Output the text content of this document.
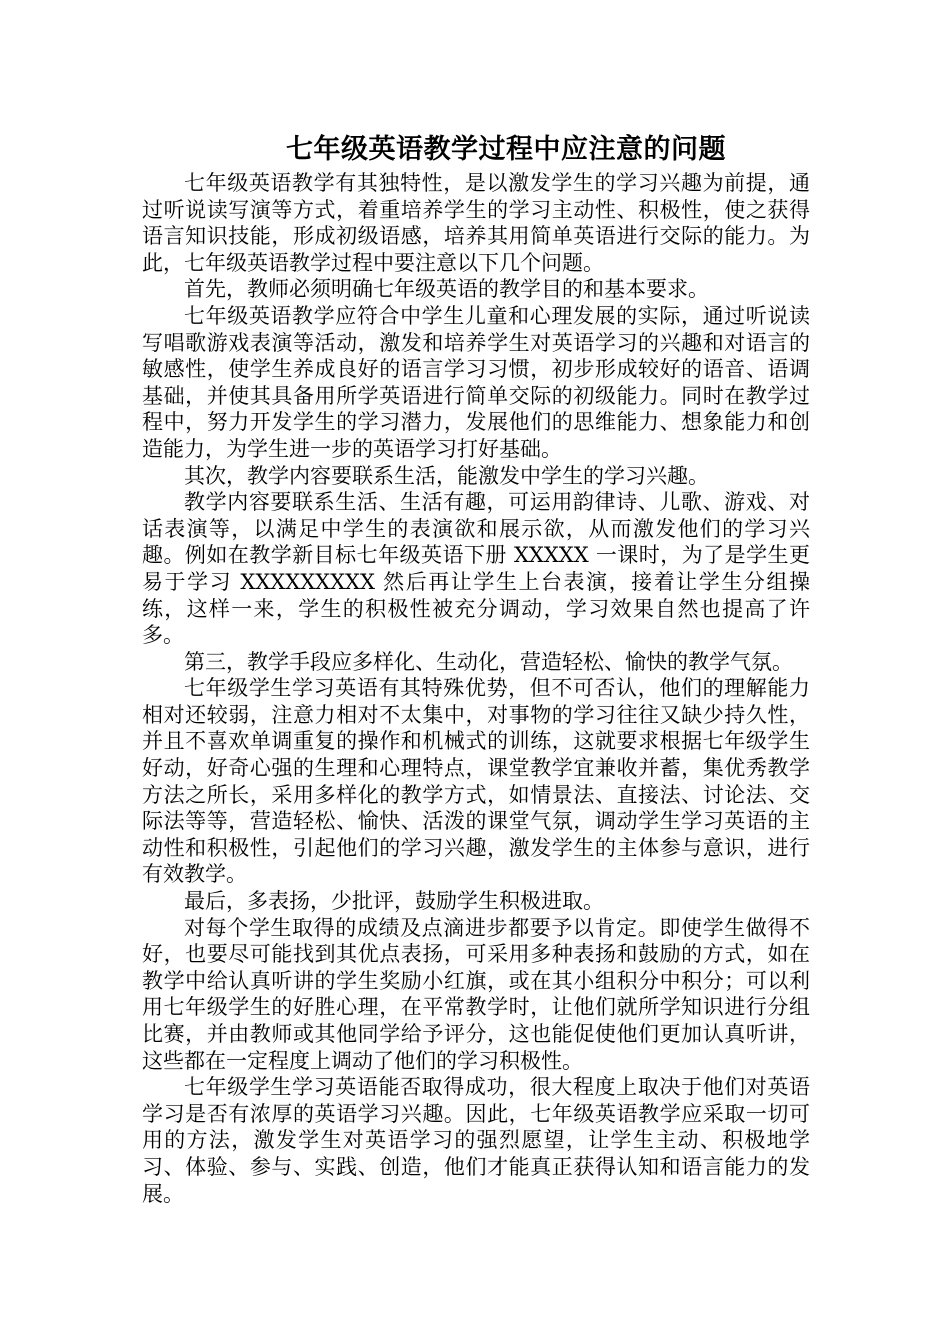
七年级英语教学过程中应注意的问题

七年级英语教学有其独特性，是以激发学生的学习兴趣为前提，通过听说读写演等方式，着重培养学生的学习主动性、积极性，使之获得语言知识技能，形成初级语感，培养其用简单英语进行交际的能力。为此，七年级英语教学过程中要注意以下几个问题。

首先，教师必须明确七年级英语的教学目的和基本要求。

七年级英语教学应符合中学生儿童和心理发展的实际，通过听说读写唱歌游戏表演等活动，激发和培养学生对英语学习的兴趣和对语言的敏感性，使学生养成良好的语言学习习惯，初步形成较好的语音、语调基础，并使其具备用所学英语进行简单交际的初级能力。同时在教学过程中，努力开发学生的学习潜力，发展他们的思维能力、想象能力和创造能力，为学生进一步的英语学习打好基础。

其次，教学内容要联系生活，能激发中学生的学习兴趣。

教学内容要联系生活、生活有趣，可运用韵律诗、儿歌、游戏、对话表演等，以满足中学生的表演欲和展示欲，从而激发他们的学习兴趣。例如在教学新目标七年级英语下册 XXXXX 一课时，为了是学生更易于学习 XXXXXXXXX 然后再让学生上台表演，接着让学生分组操练，这样一来，学生的积极性被充分调动，学习效果自然也提高了许多。

第三，教学手段应多样化、生动化，营造轻松、愉快的教学气氛。

七年级学生学习英语有其特殊优势，但不可否认，他们的理解能力相对还较弱，注意力相对不太集中，对事物的学习往往又缺少持久性，并且不喜欢单调重复的操作和机械式的训练，这就要求根据七年级学生好动，好奇心强的生理和心理特点，课堂教学宜兼收并蓄，集优秀教学方法之所长，采用多样化的教学方式，如情景法、直接法、讨论法、交际法等等，营造轻松、愉快、活泼的课堂气氛，调动学生学习英语的主动性和积极性，引起他们的学习兴趣，激发学生的主体参与意识，进行有效教学。

最后，多表扬，少批评，鼓励学生积极进取。

对每个学生取得的成绩及点滴进步都要予以肯定。即使学生做得不好，也要尽可能找到其优点表扬，可采用多种表扬和鼓励的方式，如在教学中给认真听讲的学生奖励小红旗，或在其小组积分中积分；可以利用七年级学生的好胜心理，在平常教学时，让他们就所学知识进行分组比赛，并由教师或其他同学给予评分，这也能促使他们更加认真听讲，这些都在一定程度上调动了他们的学习积极性。

七年级学生学习英语能否取得成功，很大程度上取决于他们对英语学习是否有浓厚的英语学习兴趣。因此，七年级英语教学应采取一切可用的方法，激发学生对英语学习的强烈愿望，让学生主动、积极地学习、体验、参与、实践、创造，他们才能真正获得认知和语言能力的发展。
